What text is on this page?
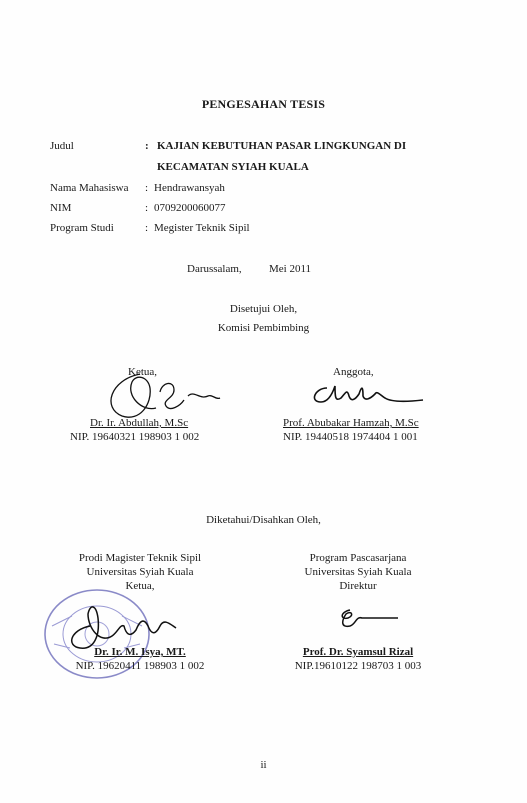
PENGESAHAN TESIS
Judul	: KAJIAN KEBUTUHAN PASAR LINGKUNGAN DI
KECAMATAN SYIAH KUALA
Nama Mahasiswa : Hendrawansyah
NIM	: 0709200060077
Program Studi	: Megister Teknik Sipil
Darussalam, Mei 2011
Disetujui Oleh,
Komisi Pembimbing
Ketua,
Dr. Ir. Abdullah, M.Sc
NIP. 19640321 198903 1 002
Anggota,
Prof. Abubakar Hamzah, M.Sc
NIP. 19440518 1974404 1 001
Diketahui/Disahkan Oleh,
Prodi Magister Teknik Sipil
Universitas Syiah Kuala
Ketua,
Dr. Ir. M. Isya, MT.
NIP. 19620411 198903 1 002
Program Pascasarjana
Universitas Syiah Kuala
Direktur
Prof. Dr. Syamsul Rizal
NIP.19610122 198703 1 003
ii
